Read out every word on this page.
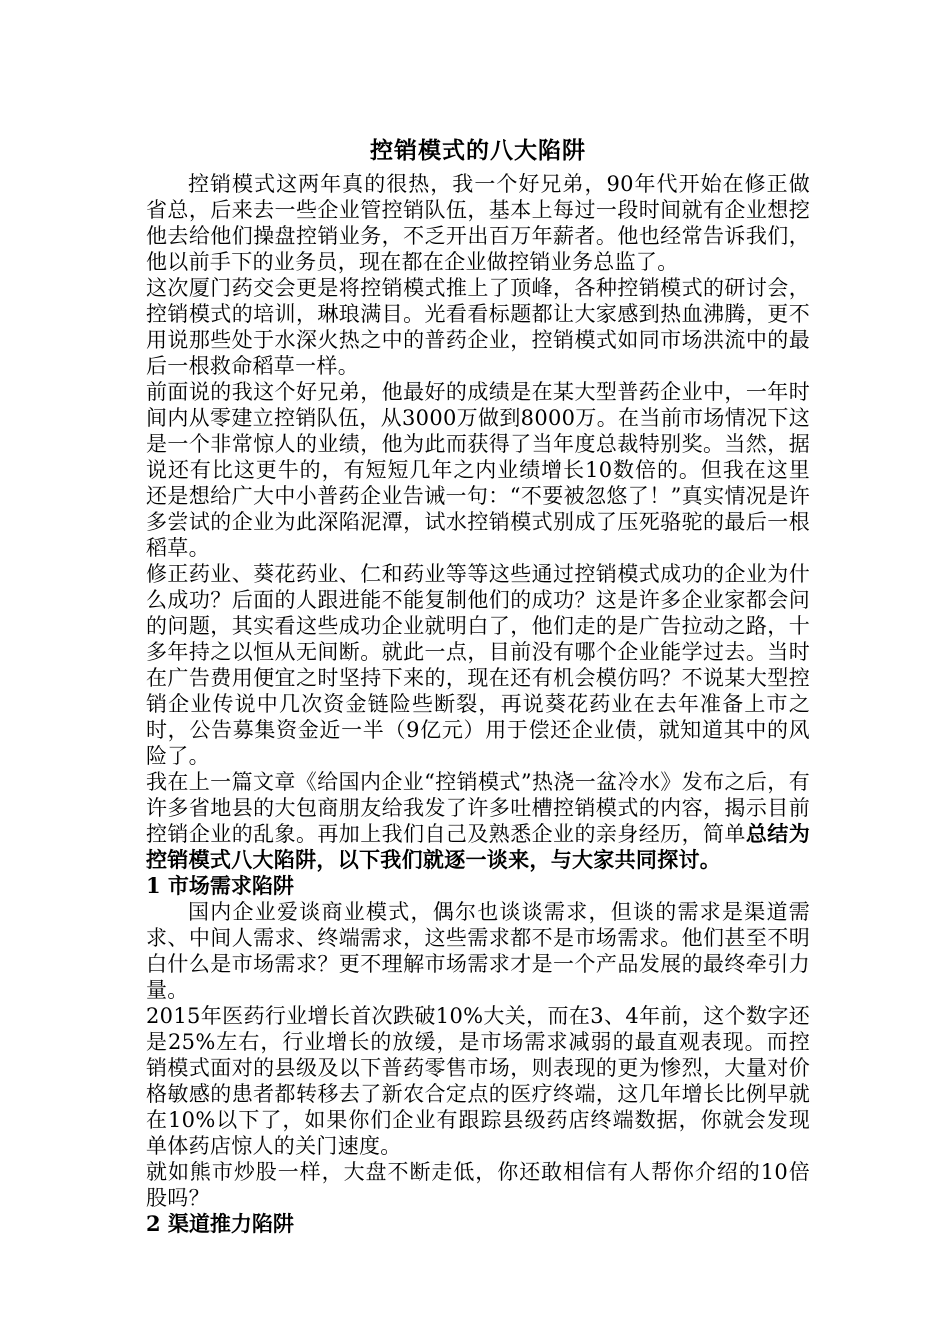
控销模式的八大陷阱

控销模式这两年真的很热，我一个好兄弟，90年代开始在修正做省总，后来去一些企业管控销队伍，基本上每过一段时间就有企业想挖他去给他们操盘控销业务，不乏开出百万年薪者。他也经常告诉我们，他以前手下的业务员，现在都在企业做控销业务总监了。

这次厦门药交会更是将控销模式推上了顶峰，各种控销模式的研讨会，控销模式的培训，琳琅满目。光看看标题都让大家感到热血沸腾，更不用说那些处于水深火热之中的普药企业，控销模式如同市场洪流中的最后一根救命稻草一样。

前面说的我这个好兄弟，他最好的成绩是在某大型普药企业中，一年时间内从零建立控销队伍，从3000万做到8000万。在当前市场情况下这是一个非常惊人的业绩，他为此而获得了当年度总裁特别奖。当然，据说还有比这更牛的，有短短几年之内业绩增长10数倍的。但我在这里还是想给广大中小普药企业告诫一句：“不要被忽悠了！”真实情况是许多尝试的企业为此深陷泥潭，试水控销模式别成了压死骆驼的最后一根稻草。

修正药业、葵花药业、仁和药业等等这些通过控销模式成功的企业为什么成功？后面的人跟进能不能复制他们的成功？这是许多企业家都会问的问题，其实看这些成功企业就明白了，他们走的是广告拉动之路，十多年持之以恒从无间断。就此一点，目前没有哪个企业能学过去。当时在广告费用便宜之时坚持下来的，现在还有机会模仿吗？不说某大型控销企业传说中几次资金链险些断裂，再说葵花药业在去年准备上市之时，公告募集资金近一半（9亿元）用于偿还企业债，就知道其中的风险了。

我在上一篇文章《给国内企业“控销模式”热浇一盆冷水》发布之后，有许多省地县的大包商朋友给我发了许多吐槽控销模式的内容，揭示目前控销企业的乱象。再加上我们自己及熟悉企业的亲身经历，简单总结为控销模式八大陷阱，以下我们就逐一谈来，与大家共同探讨。

1 市场需求陷阱

国内企业爱谈商业模式，偶尔也谈谈需求，但谈的需求是渠道需求、中间人需求、终端需求，这些需求都不是市场需求。他们甚至不明白什么是市场需求？更不理解市场需求才是一个产品发展的最终牵引力量。

2015年医药行业增长首次跌破10%大关，而在3、4年前，这个数字还是25%左右，行业增长的放缓，是市场需求减弱的最直观表现。而控销模式面对的县级及以下普药零售市场，则表现的更为惨烈，大量对价格敏感的患者都转移去了新农合定点的医疗终端，这几年增长比例早就在10%以下了，如果你们企业有跟踪县级药店终端数据，你就会发现单体药店惊人的关门速度。

就如熊市炒股一样，大盘不断走低，你还敢相信有人帮你介绍的10倍股吗？

2 渠道推力陷阱
